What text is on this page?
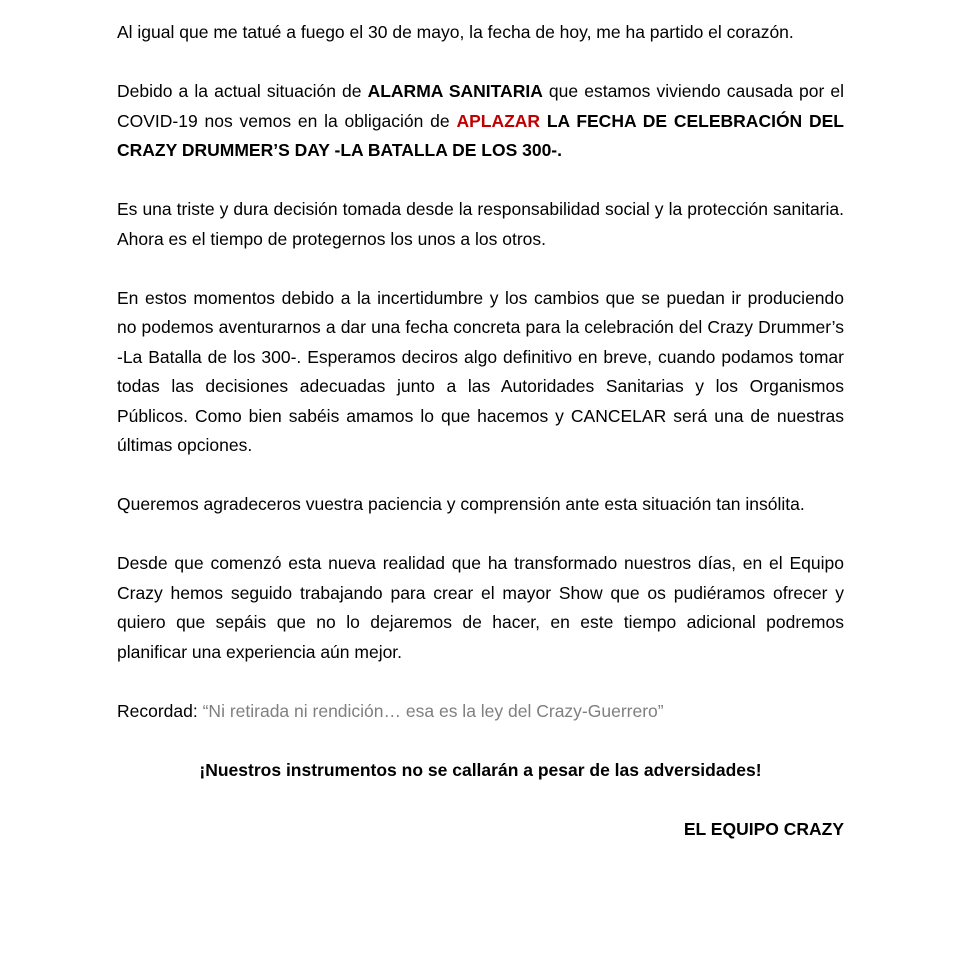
Al igual que me tatué a fuego el 30 de mayo, la fecha de hoy, me ha partido el corazón.

Debido a la actual situación de ALARMA SANITARIA que estamos viviendo causada por el COVID-19 nos vemos en la obligación de APLAZAR LA FECHA DE CELEBRACIÓN DEL CRAZY DRUMMER’S DAY -LA BATALLA DE LOS 300-.

Es una triste y dura decisión tomada desde la responsabilidad social y la protección sanitaria. Ahora es el tiempo de protegernos los unos a los otros.

En estos momentos debido a la incertidumbre y los cambios que se puedan ir produciendo no podemos aventurarnos a dar una fecha concreta para la celebración del Crazy Drummer’s -La Batalla de los 300-. Esperamos deciros algo definitivo en breve, cuando podamos tomar todas las decisiones adecuadas junto a las Autoridades Sanitarias y los Organismos Públicos. Como bien sabéis amamos lo que hacemos y CANCELAR será una de nuestras últimas opciones.

Queremos agradeceros vuestra paciencia y comprensión ante esta situación tan insólita.

Desde que comenzó esta nueva realidad que ha transformado nuestros días, en el Equipo Crazy hemos seguido trabajando para crear el mayor Show que os pudiéramos ofrecer y quiero que sepáis que no lo dejaremos de hacer, en este tiempo adicional podremos planificar una experiencia aún mejor.

Recordad: “Ni retirada ni rendición… esa es la ley del Crazy-Guerrero”

¡Nuestros instrumentos no se callarán a pesar de las adversidades!

EL EQUIPO CRAZY
